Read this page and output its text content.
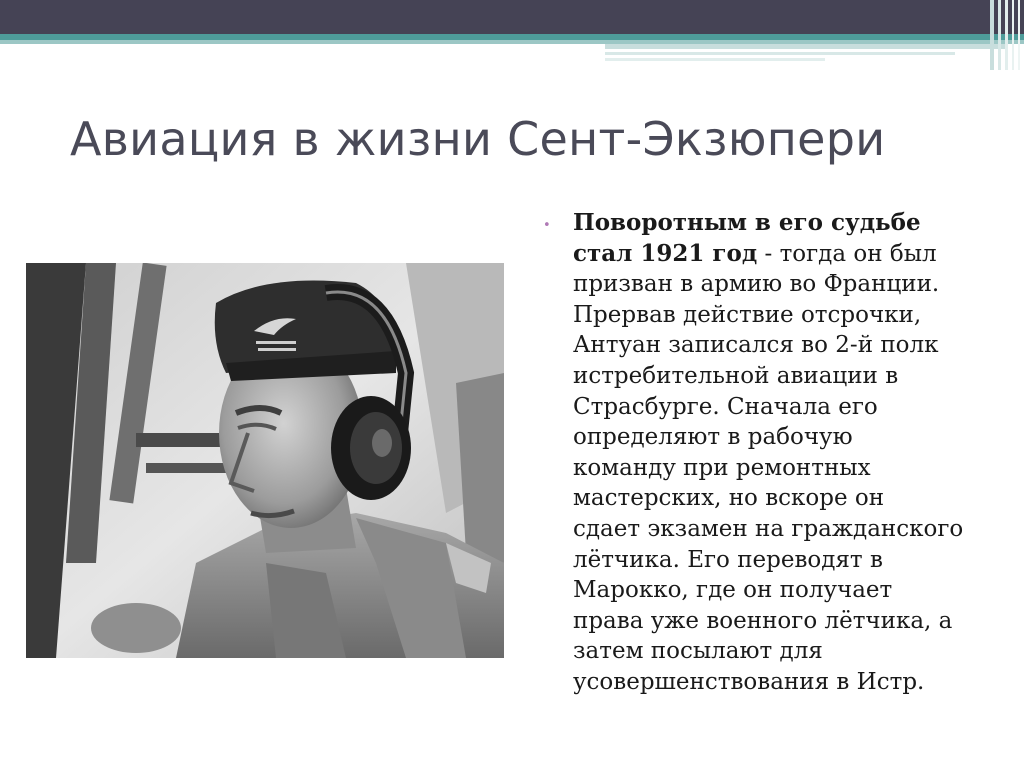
Авиация в жизни Сент-Экзюпери
• Поворотным в его судьбе
стал 1921 год - тогда он был
призван в армию во Франции.
Прервав действие отсрочки,
Антуан записался во 2-й полк
истребительной авиации в
Страсбурге. Сначала его
определяют в рабочую
команду при ремонтных
мастерских, но вскоре он
сдает экзамен на гражданского
лётчика. Его переводят в
Марокко, где он получает
права уже военного лётчика, а
затем посылают для
усовершенствования в Истр.
